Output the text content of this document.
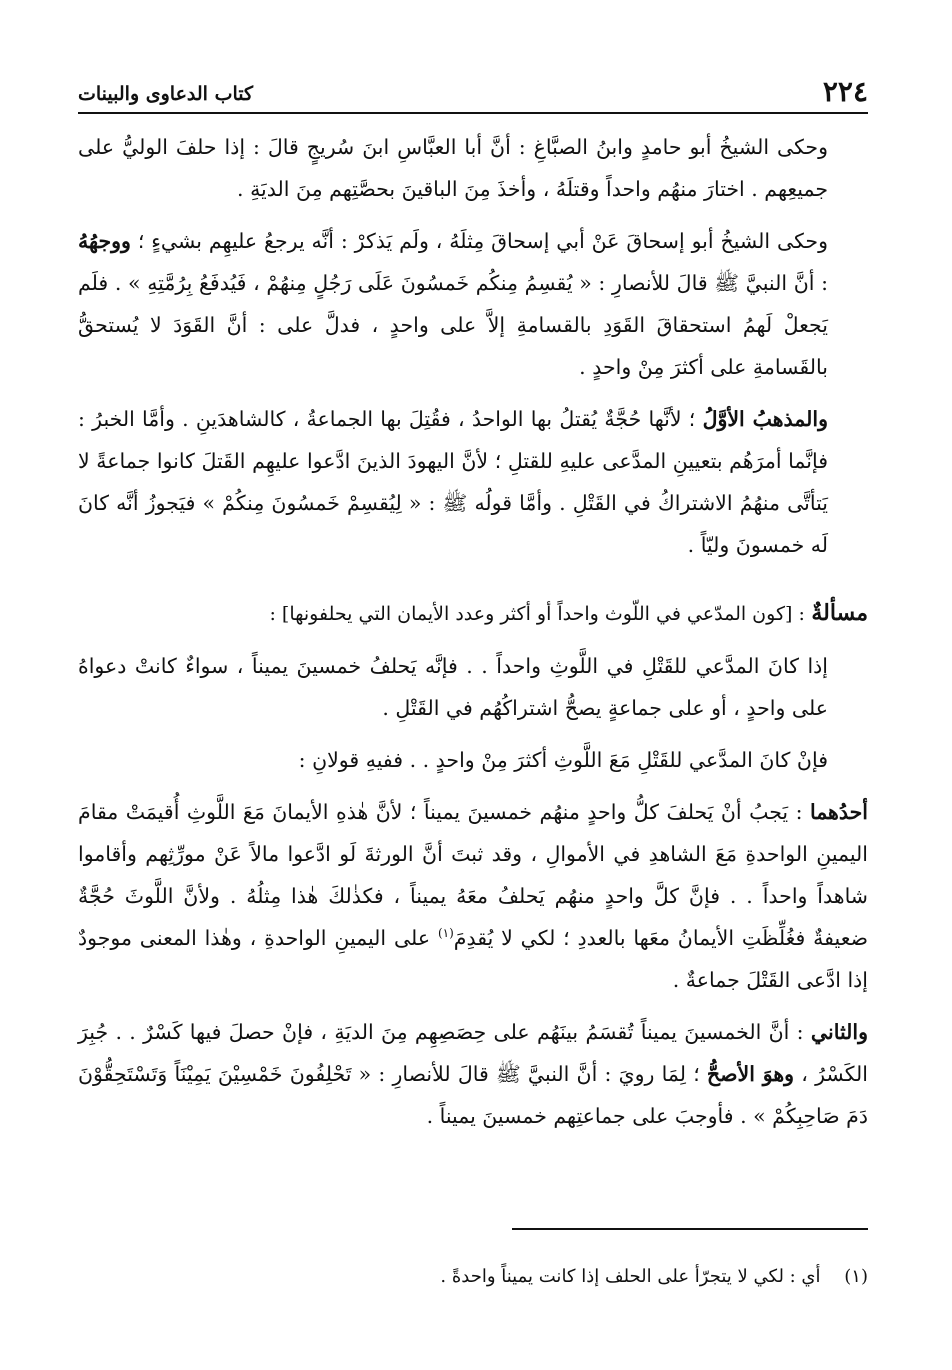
٢٢٤
كتاب الدعاوى والبينات

وحكى الشيخُ أبو حامدٍ وابنُ الصبَّاغِ : أنَّ أبا العبَّاسِ ابنَ سُريجٍ قالَ : إذا حلفَ الوليُّ على جميعِهم . اختارَ منهُم واحداً وقتلَهُ ، وأخذَ مِنَ الباقينَ بحصَّتِهم مِنَ الديَةِ .

وحكى الشيخُ أبو إسحاقَ عَنْ أبي إسحاقَ مِثلَهُ ، ولَم يَذكرْ : أنَّه يرجعُ عليهِم بشيءٍ ؛ ووجهُهُ : أنَّ النبيَّ ﷺ قالَ للأنصارِ : « يُقسِمُ مِنكُم خَمسُونَ عَلَى رَجُلٍ مِنهُمْ ، فَيُدفَعُ بِرُمَّتِهِ » . فلَم يَجعلْ لَهمُ استحقاقَ القَوَدِ بالقسامةِ إلاَّ على واحدٍ ، فدلَّ على : أنَّ القَوَدَ لا يُستحقُّ بالقَسامةِ على أكثرَ مِنْ واحدٍ .

والمذهبُ الأوَّلُ ؛ لأنَّها حُجَّةٌ يُقتلُ بها الواحدُ ، فقُتِلَ بها الجماعةُ ، كالشاهدَينِ . وأمَّا الخبرُ : فإنَّما أمرَهُم بتعيينِ المدَّعى عليهِ للقتلِ ؛ لأنَّ اليهودَ الذينَ ادَّعوا عليهِم القَتلَ كانوا جماعةً لا يَتأتَّى منهُمُ الاشتراكُ في القَتْلِ . وأمَّا قولُه ﷺ : « لِيُقسِمْ خَمسُونَ مِنكُمْ » فيَجوزُ أنَّه كانَ لَه خمسونَ وليّاً .

مسألةٌ : [كون المدّعي في اللّوث واحداً أو أكثر وعدد الأيمان التي يحلفونها] :

إذا كانَ المدَّعي للقَتْلِ في اللَّوثِ واحداً . . فإنَّه يَحلفُ خمسينَ يميناً ، سواءٌ كانتْ دعواهُ على واحدٍ ، أو على جماعةٍ يصحُّ اشتراكُهُم في القَتْلِ .

فإنْ كانَ المدَّعي للقَتْلِ مَعَ اللَّوثِ أكثرَ مِنْ واحدٍ . . ففيهِ قولانِ :

أحدُهما : يَجبُ أنْ يَحلفَ كلُّ واحدٍ منهُم خمسينَ يميناً ؛ لأنَّ هٰذهِ الأيمانَ مَعَ اللَّوثِ أُقيمَتْ مقامَ اليمينِ الواحدةِ مَعَ الشاهدِ في الأموالِ ، وقد ثبتَ أنَّ الورثةَ لَو ادَّعوا مالاً عَنْ مورِّثِهم وأقاموا شاهداً واحداً . . فإنَّ كلَّ واحدٍ منهُم يَحلفُ معَهُ يميناً ، فكذٰلكَ هٰذا مِثلُهُ . ولأنَّ اللَّوثَ حُجَّةٌ ضعيفةٌ فغُلِّظَتِ الأيمانُ معَها بالعددِ ؛ لكي لا يُقدِمَ$^{(١)}$ على اليمينِ الواحدةِ ، وهٰذا المعنى موجودٌ إذا ادَّعى القَتْلَ جماعةٌ .

والثاني : أنَّ الخمسينَ يميناً تُقسَمُ بينَهُم على حِصَصِهِم مِنَ الديَةِ ، فإنْ حصلَ فيها كَسْرٌ . . جُبِرَ الكَسْرُ ، وهوَ الأصحُّ ؛ لِمَا رويَ : أنَّ النبيَّ ﷺ قالَ للأنصارِ : « تَحْلِفُونَ خَمْسِيْنَ يَمِيْنَاً وَتَسْتَحِقُّوْنَ دَمَ صَاحِبِكُمْ » . فأوجبَ على جماعتِهم خمسينَ يميناً .

(١) أي : لكي لا يتجرّأ على الحلف إذا كانت يميناً واحدةً .
